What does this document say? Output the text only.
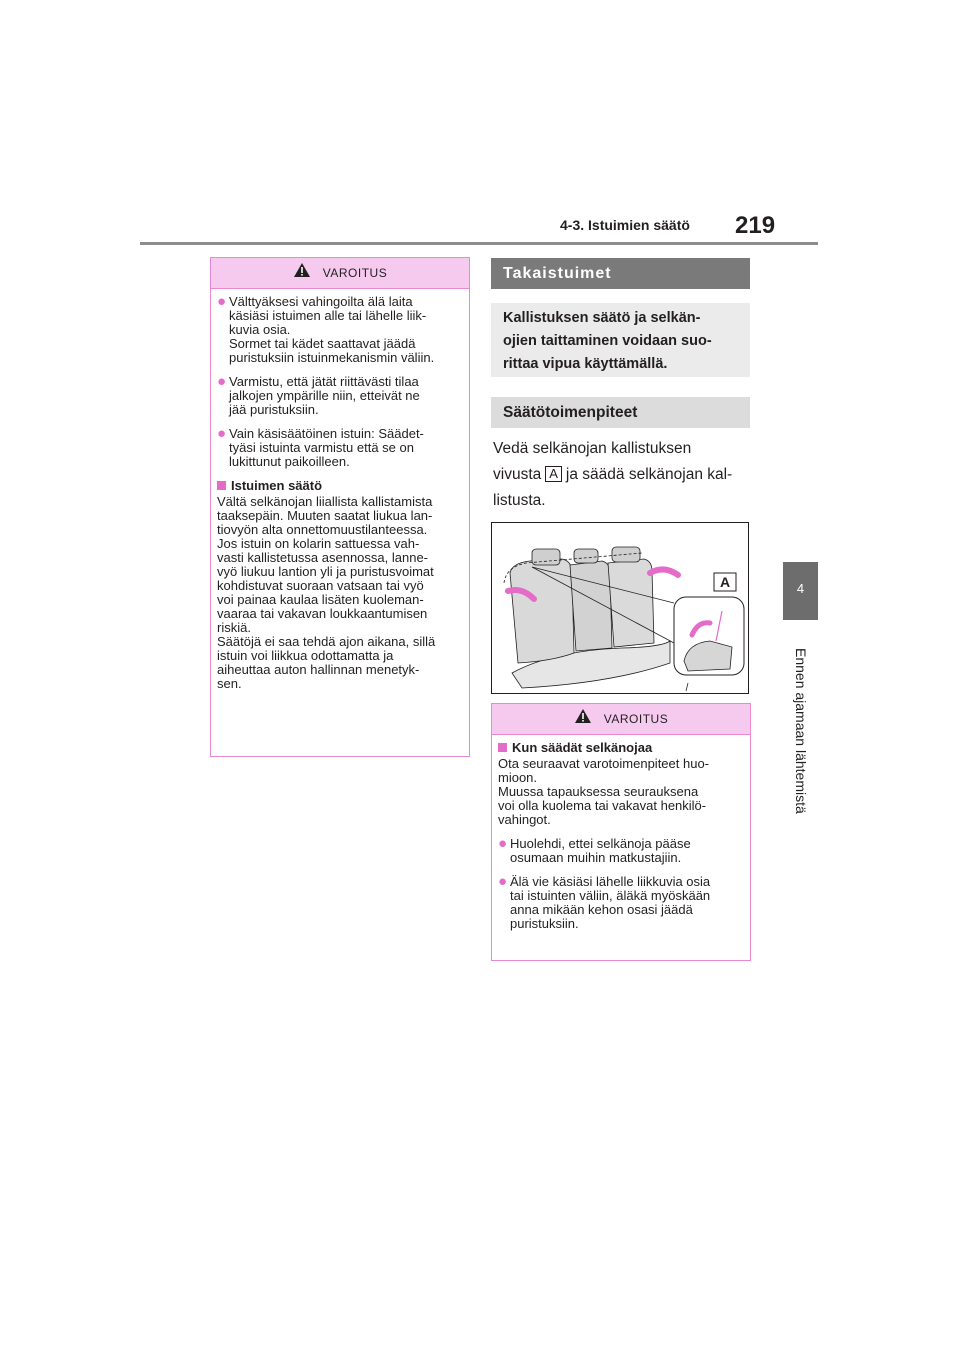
4-3. Istuimien säätö 219
4
Ennen ajamaan lähtemistä
VAROITUS
● Välttyäksesi vahingoilta älä laita
käsiäsi istuimen alle tai lähelle liik-
kuvia osia.
Sormet tai kädet saattavat jäädä
puristuksiin istuinmekanismin väliin.
● Varmistu, että jätät riittävästi tilaa
jalkojen ympärille niin, etteivät ne
jää puristuksiin.
● Vain käsisäätöinen istuin: Säädet-
tyäsi istuinta varmistu että se on
lukittunut paikoilleen.
Istuimen säätö
Vältä selkänojan liiallista kallistamista
taaksepäin. Muuten saatat liukua lan-
tiovyön alta onnettomuustilanteessa.
Jos istuin on kolarin sattuessa vah-
vasti kallistetussa asennossa, lanne-
vyö liukuu lantion yli ja puristusvoimat
kohdistuvat suoraan vatsaan tai vyö
voi painaa kaulaa lisäten kuoleman-
vaaraa tai vakavan loukkaantumisen
riskiä.
Säätöjä ei saa tehdä ajon aikana, sillä
istuin voi liikkua odottamatta ja
aiheuttaa auton hallinnan menetyk-
sen.
Takaistuimet
Kallistuksen säätö ja selkän-
ojien taittaminen voidaan suo-
rittaa vipua käyttämällä.
Säätötoimenpiteet
Vedä selkänojan kallistuksen
vivusta A ja säädä selkänojan kal-
listusta.
A
VAROITUS
Kun säädät selkänojaa
Ota seuraavat varotoimenpiteet huo-
mioon.
Muussa tapauksessa seurauksena
voi olla kuolema tai vakavat henkilö-
vahingot.
● Huolehdi, ettei selkänoja pääse
osumaan muihin matkustajiin.
● Älä vie käsiäsi lähelle liikkuvia osia
tai istuinten väliin, äläkä myöskään
anna mikään kehon osasi jäädä
puristuksiin.
